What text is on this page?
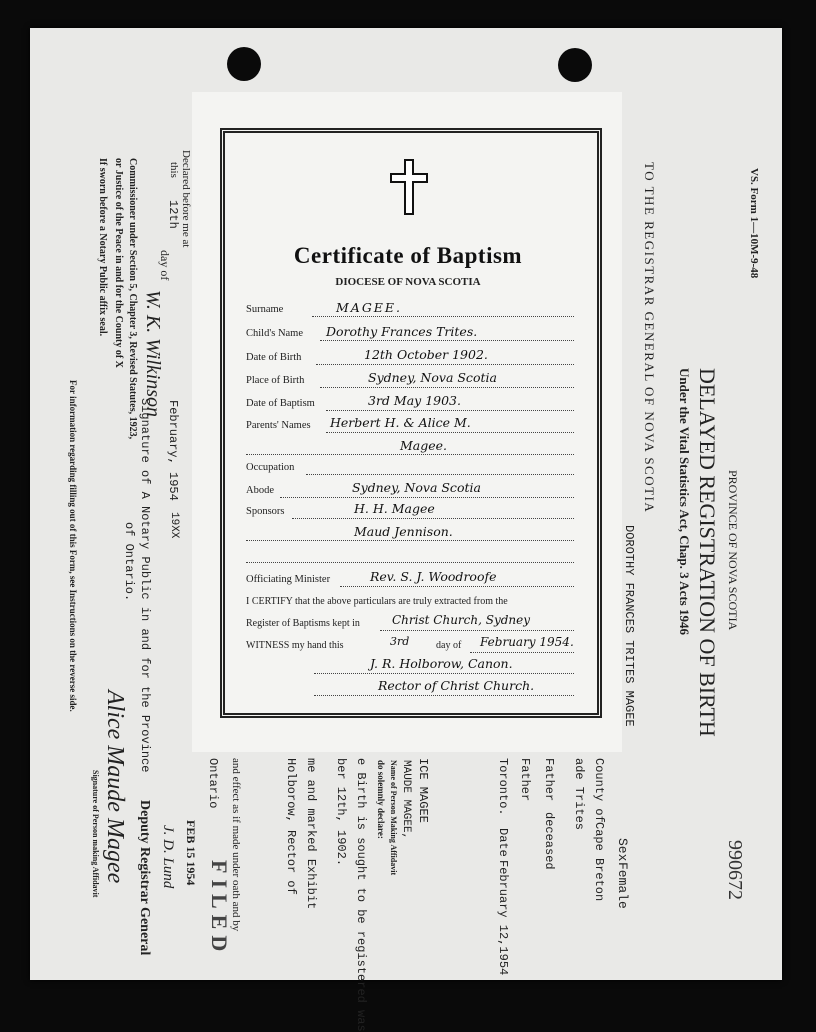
VS. Form 1—10M-9-48
PROVINCE OF NOVA SCOTIA
DELAYED REGISTRATION OF BIRTH
Under the Vital Statistics Act, Chap. 3 Acts 1946
TO THE REGISTRAR GENERAL OF NOVA SCOTIA
DOROTHY FRANCES TRITES MAGEE
Sex
Female
County of
Cape Breton
ade Trites
Father
deceased
Father
Toronto.
Date
February 12,1954
ICE MAGEE
MAUDE MAGEE,
Name of Person Making Affidavit
do solemnly declare:
e Birth is sought to be registered was
ber 12th, 1902.
me and marked Exhibit
Holborow, Rector of
and effect as if made under oath and by
Ontario
FILED
FEB 15 1954
J. D. Lund
Deputy Registrar General
Declared before me at
this
12th
February, 1954
19XX
day of
W. K. Wilkinson
Signature of A Notary Public in and for the Province
Commissioner under Section 5, Chapter 3, Revised Statutes, 1923,
of Ontario.
or Justice of the Peace in and for the County of X
If sworn before a Notary Public affix seal.
For information regarding filling out of this Form, see Instructions on the reverse side.
Alice Maude Magee
Signature of Person making Affidavit	990672
Certificate of Baptism
DIOCESE OF NOVA SCOTIA
Surname	MAGEE.
Child's Name Dorothy Frances Trites.
Date of Birth	12th October 1902.
Place of Birth	Sydney, Nova Scotia
Date of Baptism	3rd May 1903.
Parents' Names Herbert H. & Alice M.
Magee.
Occupation
Abode	Sydney, Nova Scotia
Sponsors	H. H. Magee
Maud Jennison.
Officiating Minister	Rev. S. J. Woodroofe
I CERTIFY that the above particulars are truly extracted from the
Register of Baptisms kept in	Christ Church, Sydney
WITNESS my hand this	3rd	day of February 1954.
J. R. Holborow, Canon.
Rector of Christ Church.
